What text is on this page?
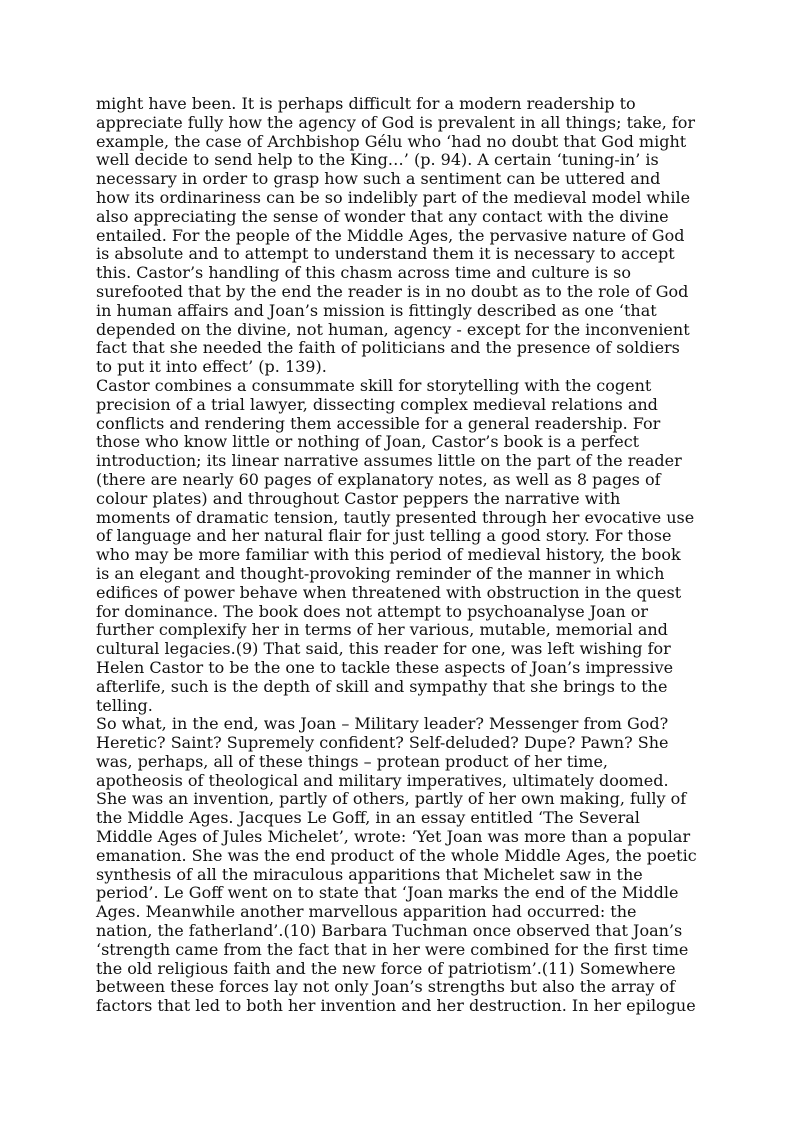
might have been. It is perhaps difficult for a modern readership to
appreciate fully how the agency of God is prevalent in all things; take, for
example, the case of Archbishop Gélu who ‘had no doubt that God might
well decide to send help to the King…’ (p. 94). A certain ‘tuning-in’ is
necessary in order to grasp how such a sentiment can be uttered and
how its ordinariness can be so indelibly part of the medieval model while
also appreciating the sense of wonder that any contact with the divine
entailed. For the people of the Middle Ages, the pervasive nature of God
is absolute and to attempt to understand them it is necessary to accept
this. Castor’s handling of this chasm across time and culture is so
surefooted that by the end the reader is in no doubt as to the role of God
in human affairs and Joan’s mission is fittingly described as one ‘that
depended on the divine, not human, agency - except for the inconvenient
fact that she needed the faith of politicians and the presence of soldiers
to put it into effect’ (p. 139).
Castor combines a consummate skill for storytelling with the cogent
precision of a trial lawyer, dissecting complex medieval relations and
conflicts and rendering them accessible for a general readership. For
those who know little or nothing of Joan, Castor’s book is a perfect
introduction; its linear narrative assumes little on the part of the reader
(there are nearly 60 pages of explanatory notes, as well as 8 pages of
colour plates) and throughout Castor peppers the narrative with
moments of dramatic tension, tautly presented through her evocative use
of language and her natural flair for just telling a good story. For those
who may be more familiar with this period of medieval history, the book
is an elegant and thought-provoking reminder of the manner in which
edifices of power behave when threatened with obstruction in the quest
for dominance. The book does not attempt to psychoanalyse Joan or
further complexify her in terms of her various, mutable, memorial and
cultural legacies.(9) That said, this reader for one, was left wishing for
Helen Castor to be the one to tackle these aspects of Joan’s impressive
afterlife, such is the depth of skill and sympathy that she brings to the
telling.
So what, in the end, was Joan – Military leader? Messenger from God?
Heretic? Saint? Supremely confident? Self-deluded? Dupe? Pawn? She
was, perhaps, all of these things – protean product of her time,
apotheosis of theological and military imperatives, ultimately doomed.
She was an invention, partly of others, partly of her own making, fully of
the Middle Ages. Jacques Le Goff, in an essay entitled ‘The Several
Middle Ages of Jules Michelet’, wrote: ‘Yet Joan was more than a popular
emanation. She was the end product of the whole Middle Ages, the poetic
synthesis of all the miraculous apparitions that Michelet saw in the
period’. Le Goff went on to state that ‘Joan marks the end of the Middle
Ages. Meanwhile another marvellous apparition had occurred: the
nation, the fatherland’.(10) Barbara Tuchman once observed that Joan’s
‘strength came from the fact that in her were combined for the first time
the old religious faith and the new force of patriotism’.(11) Somewhere
between these forces lay not only Joan’s strengths but also the array of
factors that led to both her invention and her destruction. In her epilogue
